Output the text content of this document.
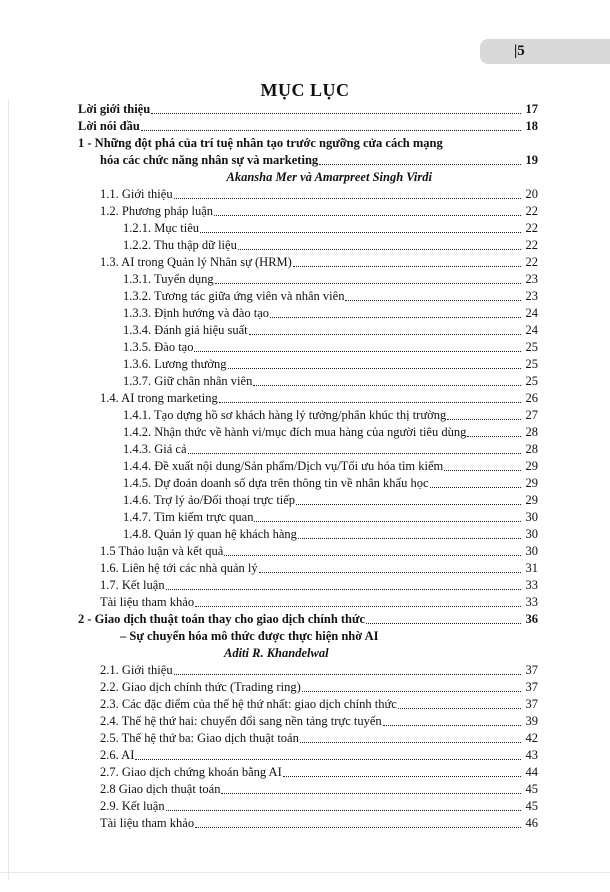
|5
MỤC LỤC
Lời giới thiệu	17
Lời nói đầu	18
1 - Những đột phá của trí tuệ nhân tạo trước ngưỡng cửa cách mạng
hóa các chức năng nhân sự và marketing	19
Akansha Mer và Amarpreet Singh Virdi
1.1. Giới thiệu	20
1.2. Phương pháp luận	22
1.2.1. Mục tiêu	22
1.2.2. Thu thập dữ liệu	22
1.3. AI trong Quản lý Nhân sự (HRM)	22
1.3.1. Tuyển dụng	23
1.3.2. Tương tác giữa ứng viên và nhân viên	23
1.3.3. Định hướng và đào tạo	24
1.3.4. Đánh giá hiệu suất	24
1.3.5. Đào tạo	25
1.3.6. Lương thưởng	25
1.3.7. Giữ chân nhân viên	25
1.4. AI trong marketing	26
1.4.1. Tạo dựng hồ sơ khách hàng lý tưởng/phân khúc thị trường	27
1.4.2. Nhận thức về hành vi/mục đích mua hàng của người tiêu dùng	28
1.4.3. Giá cả	28
1.4.4. Đề xuất nội dung/Sản phẩm/Dịch vụ/Tối ưu hóa tìm kiếm	29
1.4.5. Dự đoán doanh số dựa trên thông tin về nhân khẩu học	29
1.4.6. Trợ lý ảo/Đối thoại trực tiếp	29
1.4.7. Tìm kiếm trực quan	30
1.4.8. Quản lý quan hệ khách hàng	30
1.5 Thảo luận và kết quả	30
1.6. Liên hệ tới các nhà quản lý	31
1.7. Kết luận	33
Tài liệu tham khảo	33
2 - Giao dịch thuật toán thay cho giao dịch chính thức	36
– Sự chuyển hóa mô thức được thực hiện nhờ AI
Aditi R. Khandelwal
2.1. Giới thiệu	37
2.2. Giao dịch chính thức (Trading ring)	37
2.3. Các đặc điểm của thế hệ thứ nhất: giao dịch chính thức	37
2.4. Thế hệ thứ hai: chuyển đổi sang nền tảng trực tuyến	39
2.5. Thế hệ thứ ba: Giao dịch thuật toán	42
2.6. AI	43
2.7. Giao dịch chứng khoán bằng AI	44
2.8 Giao dịch thuật toán	45
2.9. Kết luận	45
Tài liệu tham khảo	46
